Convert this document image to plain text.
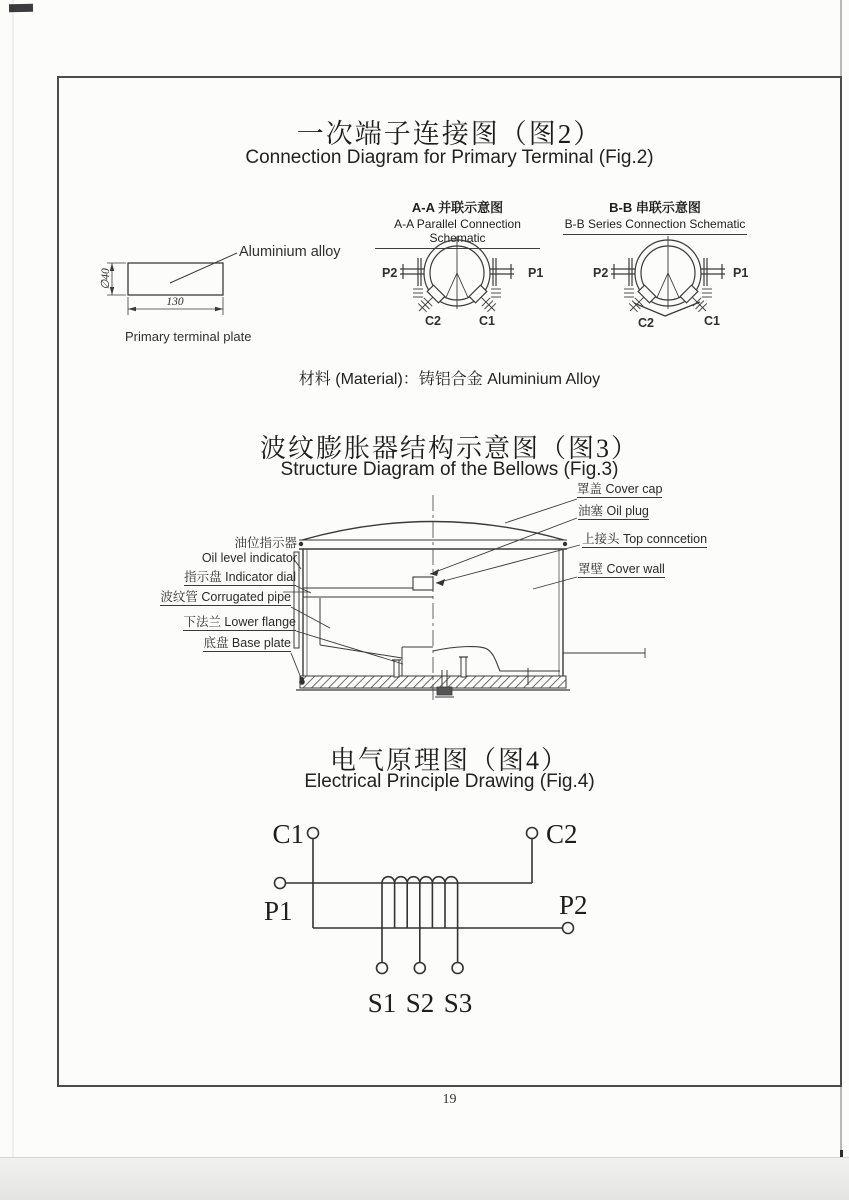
一次端子连接图（图2）
Connection Diagram for Primary Terminal (Fig.2)
A-A 并联示意图
A-A Parallel Connection Schematic
B-B 串联示意图
B-B Series Connection Schematic
130
∅40
Aluminium alloy
Primary terminal plate
P2	P1
C2	C1
P2	P1
C2	C1
材料 (Material)：铸铝合金 Aluminium Alloy
波纹膨胀器结构示意图（图3）
Structure Diagram of the Bellows (Fig.3)
油位指示器
Oil level indicator
指示盘 Indicator dial
波纹管 Corrugated pipe
下法兰 Lower flange
底盘 Base plate
罩盖 Cover cap
油塞 Oil plug
上接头 Top conncetion
罩壁 Cover wall
电气原理图（图4）
Electrical Principle Drawing (Fig.4)
C1	C2
P1	P2
S1 S2 S3
19
